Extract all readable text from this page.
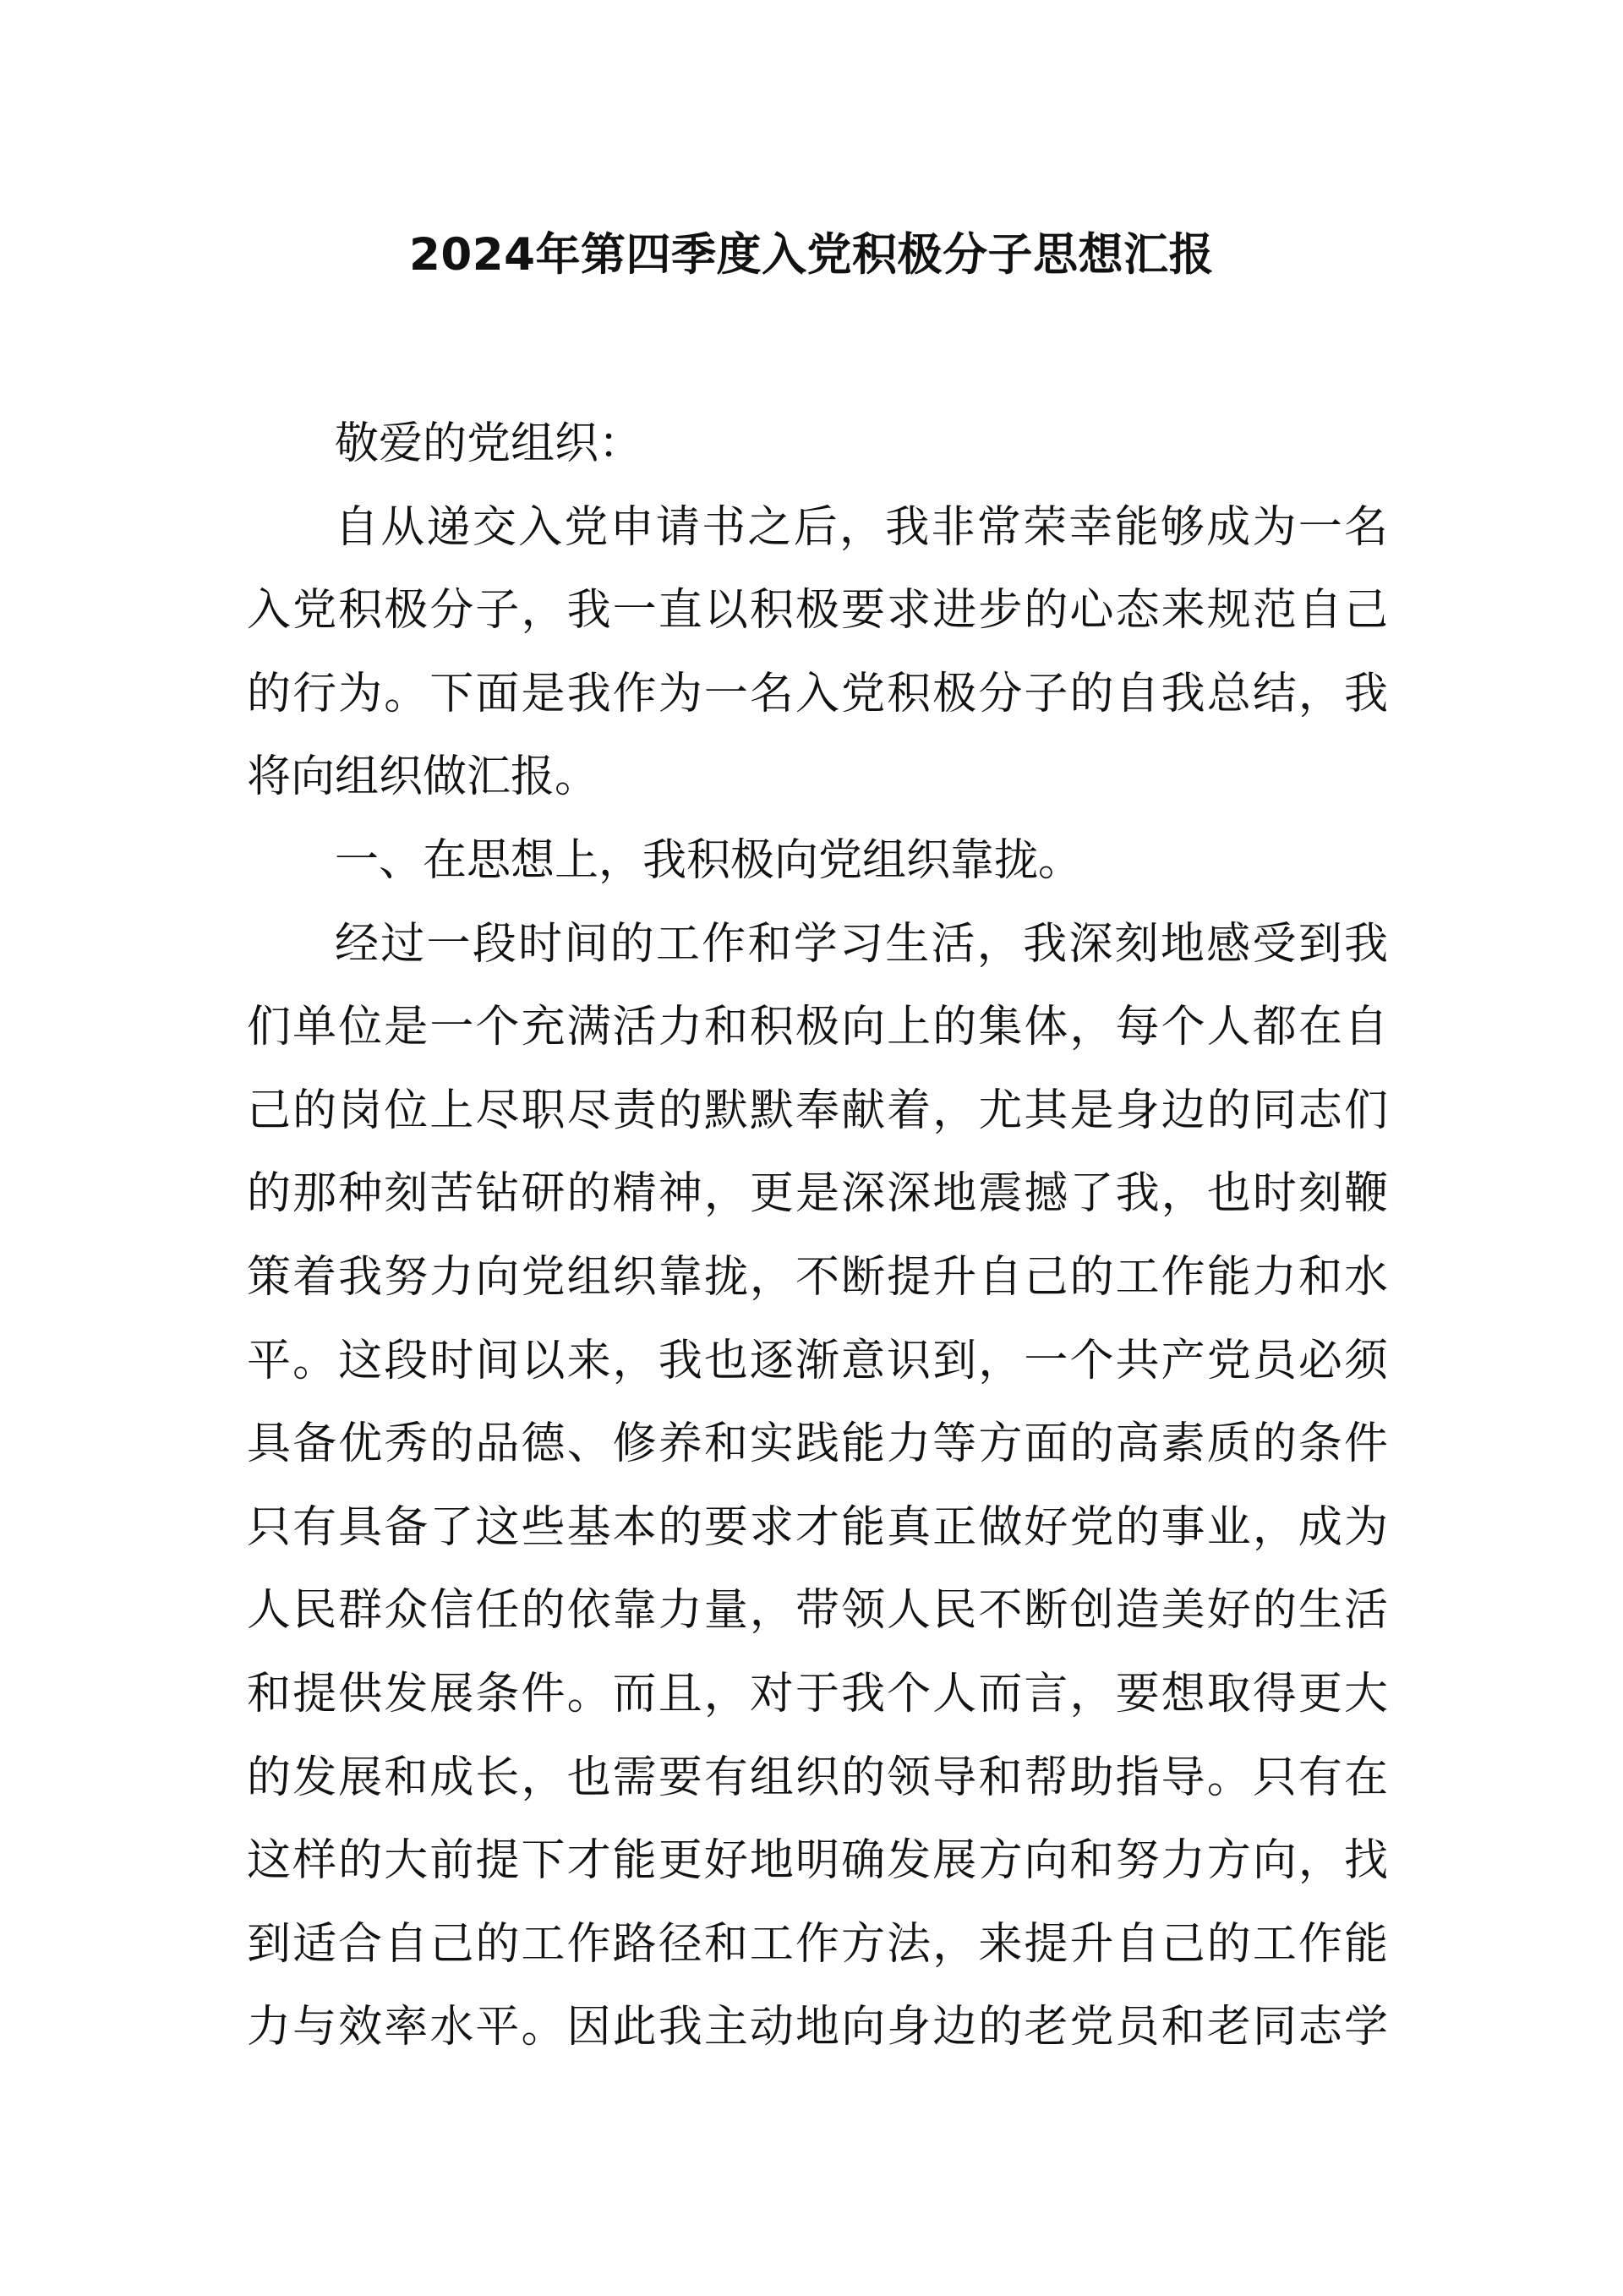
2024年第四季度入党积极分子思想汇报
敬爱的党组织：
自从递交入党申请书之后，我非常荣幸能够成为一名
入党积极分子，我一直以积极要求进步的心态来规范自己
的行为。下面是我作为一名入党积极分子的自我总结，我
将向组织做汇报。
一、在思想上，我积极向党组织靠拢。
经过一段时间的工作和学习生活，我深刻地感受到我
们单位是一个充满活力和积极向上的集体，每个人都在自
己的岗位上尽职尽责的默默奉献着，尤其是身边的同志们
的那种刻苦钻研的精神，更是深深地震撼了我，也时刻鞭
策着我努力向党组织靠拢，不断提升自己的工作能力和水
平。这段时间以来，我也逐渐意识到，一个共产党员必须
具备优秀的品德、修养和实践能力等方面的高素质的条件
只有具备了这些基本的要求才能真正做好党的事业，成为
人民群众信任的依靠力量，带领人民不断创造美好的生活
和提供发展条件。而且，对于我个人而言，要想取得更大
的发展和成长，也需要有组织的领导和帮助指导。只有在
这样的大前提下才能更好地明确发展方向和努力方向，找
到适合自己的工作路径和工作方法，来提升自己的工作能
力与效率水平。因此我主动地向身边的老党员和老同志学
